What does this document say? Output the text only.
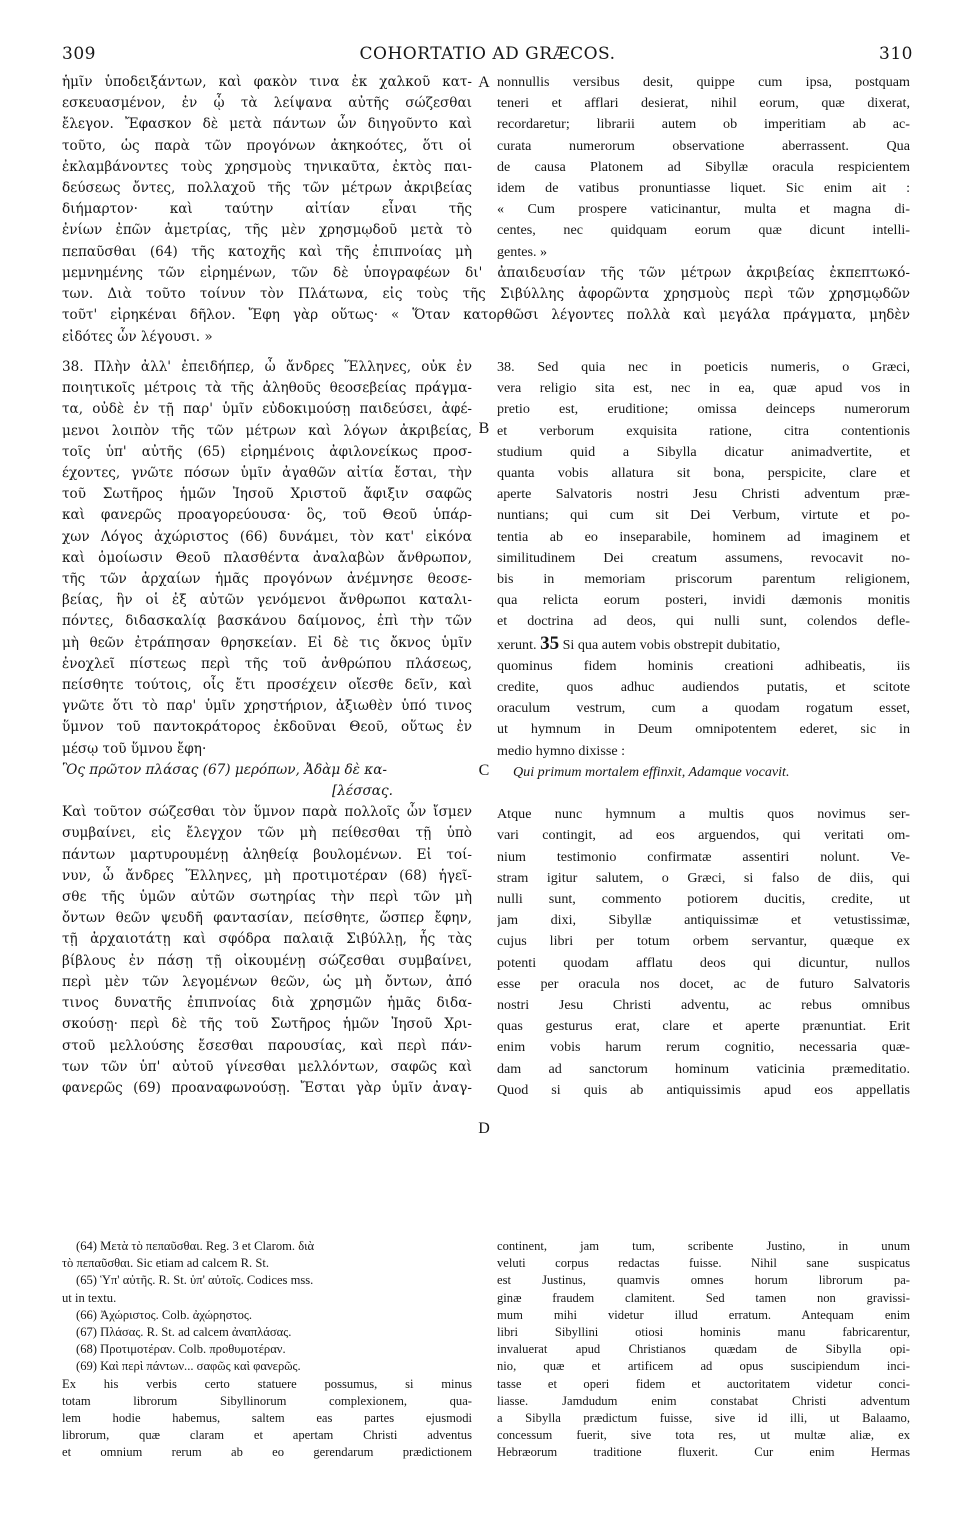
309	COHORTATIO AD GRÆCOS.	310
ἡμῖν ὑποδειξάντων, καὶ φακὸν τινα ἐκ χαλκοῦ κατ-
εσκευασμένον, ἐν ᾧ τὰ λείψανα αὐτῆς σώζεσθαι
ἔλεγον. Ἔφασκον δὲ μετὰ πάντων ὧν διηγοῦντο καὶ
τοῦτο, ὡς παρὰ τῶν προγόνων ἀκηκοότες, ὅτι οἱ
ἐκλαμβάνοντες τοὺς χρησμοὺς τηνικαῦτα, ἐκτὸς παι-
δεύσεως ὄντες, πολλαχοῦ τῆς τῶν μέτρων ἀκριβείας
διήμαρτον· καὶ ταύτην αἰτίαν εἶναι τῆς
ἐνίων ἐπῶν ἀμετρίας, τῆς μὲν χρησμῳδοῦ μετὰ τὸ
πεπαῦσθαι (64) τῆς κατοχῆς καὶ τῆς ἐπιπνοίας μὴ
A nonnullis versibus desit, quippe cum ipsa, postquam
teneri et afflari desierat, nihil eorum, quæ dixerat,
recordaretur; librarii autem ob imperitiam ab ac-
curata numerorum observatione aberrassent. Qua
de causa Platonem ad Sibyllæ oracula respicientem
idem de vatibus pronuntiasse liquet. Sic enim ait :
« Cum prospere vaticinantur, multa et magna di-
centes, nec quidquam eorum quæ dicunt intelli-
gentes. »
μεμνημένης τῶν εἰρημένων, τῶν δὲ ὑπογραφέων δι' ἀπαιδευσίαν τῆς τῶν μέτρων ἀκριβείας ἐκπεπτωκό-
των. Διὰ τοῦτο τοίνυν τὸν Πλάτωνα, εἰς τοὺς τῆς Σιβύλλης ἀφορῶντα χρησμοὺς περὶ τῶν χρησμῳδῶν
τοῦτ' εἰρηκέναι δῆλον. Ἔφη γὰρ οὕτως· « Ὅταν κατορθῶσι λέγοντες πολλὰ καὶ μεγάλα πράγματα, μηδὲν
εἰδότες ὧν λέγουσι. »
38. Πλὴν ἀλλ' ἐπειδήπερ, ὦ ἄνδρες Ἕλληνες, οὐκ ἐν
ποιητικοῖς μέτροις τὰ τῆς ἀληθοῦς θεοσεβείας πράγμα-
τα, οὐδὲ ἐν τῇ παρ' ὑμῖν εὐδοκιμούσῃ παιδεύσει, ἀφέ-
μενοι λοιπὸν τῆς τῶν μέτρων καὶ λόγων ἀκριβείας,
τοῖς ὑπ' αὐτῆς (65) εἰρημένοις ἀφιλονείκως προσ-
έχοντες, γνῶτε πόσων ὑμῖν ἀγαθῶν αἰτία ἔσται, τὴν
τοῦ Σωτῆρος ἡμῶν Ἰησοῦ Χριστοῦ ἄφιξιν σαφῶς
καὶ φανερῶς προαγορεύουσα· ὃς, τοῦ Θεοῦ ὑπάρ-
χων Λόγος ἀχώριστος (66) δυνάμει, τὸν κατ' εἰκόνα
καὶ ὁμοίωσιν Θεοῦ πλασθέντα ἀναλαβὼν ἄνθρωπον,
τῆς τῶν ἀρχαίων ἡμᾶς προγόνων ἀνέμνησε θεοσε-
βείας, ἣν οἱ ἐξ αὐτῶν γενόμενοι ἄνθρωποι καταλι-
πόντες, διδασκαλίᾳ βασκάνου δαίμονος, ἐπὶ τὴν τῶν
μὴ θεῶν ἐτράπησαν θρησκείαν. Εἰ δὲ τις ὄκνος ὑμῖν
ἐνοχλεῖ πίστεως περὶ τῆς τοῦ ἀνθρώπου πλάσεως,
πείσθητε τούτοις, οἷς ἔτι προσέχειν οἴεσθε δεῖν, καὶ
γνῶτε ὅτι τὸ παρ' ὑμῖν χρηστήριον, ἀξιωθὲν ὑπό τινος
ὕμνον τοῦ παντοκράτορος ἐκδοῦναι Θεοῦ, οὕτως ἐν
μέσῳ τοῦ ὕμνου ἔφη·
Ὃς πρῶτον πλάσας (67) μερόπων, Ἀδὰμ δὲ κα-
[λέσσας.
Καὶ τοῦτον σώζεσθαι τὸν ὕμνον παρὰ πολλοῖς ὧν ἴσμεν
συμβαίνει, εἰς ἔλεγχον τῶν μὴ πείθεσθαι τῇ ὑπὸ
πάντων μαρτυρουμένῃ ἀληθείᾳ βουλομένων. Εἰ τοί-
νυν, ὦ ἄνδρες Ἕλληνες, μὴ προτιμοτέραν (68) ἡγεῖ-
σθε τῆς ὑμῶν αὐτῶν σωτηρίας τὴν περὶ τῶν μὴ
ὄντων θεῶν ψευδῆ φαντασίαν, πείσθητε, ὥσπερ ἔφην,
τῇ ἀρχαιοτάτῃ καὶ σφόδρα παλαιᾷ Σιβύλλῃ, ἧς τὰς
βίβλους ἐν πάσῃ τῇ οἰκουμένῃ σώζεσθαι συμβαίνει,
περὶ μὲν τῶν λεγομένων θεῶν, ὡς μὴ ὄντων, ἀπό
τινος δυνατῆς ἐπιπνοίας διὰ χρησμῶν ἡμᾶς διδα-
σκούσῃ· περὶ δὲ τῆς τοῦ Σωτῆρος ἡμῶν Ἰησοῦ Χρι-
στοῦ μελλούσης ἔσεσθαι παρουσίας, καὶ περὶ πάν-
των τῶν ὑπ' αὐτοῦ γίνεσθαι μελλόντων, σαφῶς καὶ
φανερῶς (69) προαναφωνούσῃ. Ἔσται γὰρ ὑμῖν ἀναγ-
B
C
D
38. Sed quia nec in poeticis numeris, o Græci,
vera religio sita est, nec in ea, quæ apud vos in
pretio est, eruditione; omissa deinceps numerorum
et verborum exquisita ratione, citra contentionis
studium quid a Sibylla dicatur animadvertite, et
quanta vobis allatura sit bona, perspicite, clare et
aperte Salvatoris nostri Jesu Christi adventum præ-
nuntians; qui cum sit Dei Verbum, virtute et po-
tentia ab eo inseparabile, hominem ad imaginem et
similitudinem Dei creatum assumens, revocavit no-
bis in memoriam priscorum parentum religionem,
qua relicta eorum posteri, invidi dæmonis monitis
et doctrina ad deos, qui nulli sunt, colendos deflе-
xerunt. 35 Si qua autem vobis obstrepit dubitatio,
quominus fidem hominis creationi adhibeatis, iis
credite, quos adhuc audiendos putatis, et scitote
oraculum vestrum, cum a quodam rogatum esset,
ut hymnum in Deum omnipotentem ederet, sic in
medio hymno dixisse :
Qui primum mortalem effinxit, Adamque vocavit.
Atque nunc hymnum a multis quos novimus ser-
vari contingit, ad eos arguendos, qui veritati om-
nium testimonio confirmatæ assentiri nolunt. Ve-
stram igitur salutem, o Græci, si falso de diis, qui
nulli sunt, commento potiorem ducitis, credite, ut
jam dixi, Sibyllæ antiquissimæ et vetustissimæ,
cujus libri per totum orbem servantur, quæque ex
potenti quodam afflatu deos qui dicuntur, nullos
esse per oracula nos docet, ac de futuro Salvatoris
nostri Jesu Christi adventu, ac rebus omnibus
quas gesturus erat, clare et aperte prænuntiat. Erit
enim vobis harum rerum cognitio, necessaria quæ-
dam ad sanctorum hominum vaticinia præmeditatio.
Quod si quis ab antiquissimis apud eos appellatis
(64) Μετὰ τὸ πεπαῦσθαι. Reg. 3 et Clarom. διὰ
τὸ πεπαῦσθαι. Sic etiam ad calcem R. St.
(65) Ὑπ' αὐτῆς. R. St. ὑπ' αὐτοῖς. Codices mss.
ut in textu.
(66) Ἀχώριστος. Colb. ἀχώρηστος.
(67) Πλάσας. R. St. ad calcem ἀναπλάσας.
(68) Προτιμοτέραν. Colb. προθυμοτέραν.
(69) Καὶ περὶ πάντων... σαφῶς καὶ φανερῶς.
Ex his verbis certo statuere possumus, si minus
totam librorum Sibyllinorum complexionem, qua-
lem hodie habemus, saltem eas partes ejusmodi
librorum, quæ claram et apertam Christi adventus
et omnium rerum ab eo gerendarum prædictionem
continent, jam tum, scribente Justino, in unum
veluti corpus redactas fuisse. Nihil sane suspicatus
est Justinus, quamvis omnes horum librorum pa-
ginæ fraudem clamitent. Sed tamen non gravissi-
mum mihi videtur illud erratum. Antequam enim
libri Sibyllini otiosi hominis manu fabricarentur,
invaluerat apud Christianos quædam de Sibylla opi-
nio, quæ et artificem ad opus suscipiendum inci-
tasse et operi fidem et auctoritatem videtur conci-
liasse. Jamdudum enim constabat Christi adventum
a Sibylla prædictum fuisse, sive id illi, ut Balaamo,
concessum fuerit, sive tota res, ut multæ aliæ, ex
Hebræorum traditione fluxerit. Cur enim Hermas
